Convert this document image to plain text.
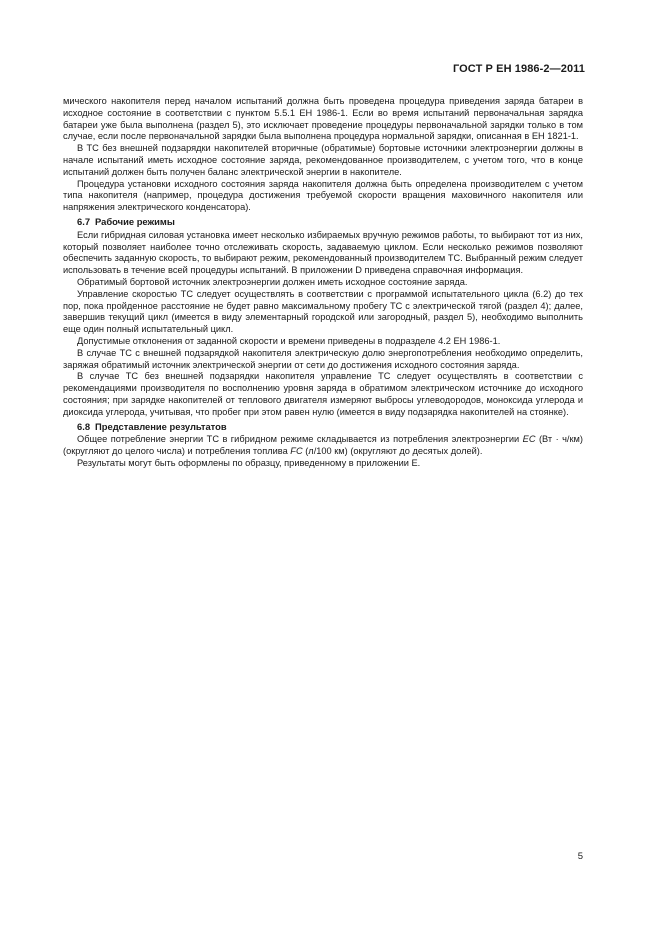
ГОСТ Р ЕН 1986-2—2011

мического накопителя перед началом испытаний должна быть проведена процедура приведения заряда батареи в исходное состояние в соответствии с пунктом 5.5.1 ЕН 1986-1. Если во время испытаний первоначальная зарядка батареи уже была выполнена (раздел 5), это исключает проведение процедуры первоначальной зарядки только в том случае, если после первоначальной зарядки была выполнена процедура нормальной зарядки, описанная в ЕН 1821-1.

В ТС без внешней подзарядки накопителей вторичные (обратимые) бортовые источники электроэнергии должны в начале испытаний иметь исходное состояние заряда, рекомендованное производителем, с учетом того, что в конце испытаний должен быть получен баланс электрической энергии в накопителе.

Процедура установки исходного состояния заряда накопителя должна быть определена производителем с учетом типа накопителя (например, процедура достижения требуемой скорости вращения маховичного накопителя или напряжения электрического конденсатора).

6.7 Рабочие режимы

Если гибридная силовая установка имеет несколько избираемых вручную режимов работы, то выбирают тот из них, который позволяет наиболее точно отслеживать скорость, задаваемую циклом. Если несколько режимов позволяют обеспечить заданную скорость, то выбирают режим, рекомендованный производителем ТС. Выбранный режим следует использовать в течение всей процедуры испытаний. В приложении D приведена справочная информация.

Обратимый бортовой источник электроэнергии должен иметь исходное состояние заряда.

Управление скоростью ТС следует осуществлять в соответствии с программой испытательного цикла (6.2) до тех пор, пока пройденное расстояние не будет равно максимальному пробегу ТС с электрической тягой (раздел 4); далее, завершив текущий цикл (имеется в виду элементарный городской или загородный, раздел 5), необходимо выполнить еще один полный испытательный цикл.

Допустимые отклонения от заданной скорости и времени приведены в подразделе 4.2 ЕН 1986-1.

В случае ТС с внешней подзарядкой накопителя электрическую долю энергопотребления необходимо определить, заряжая обратимый источник электрической энергии от сети до достижения исходного состояния заряда.

В случае ТС без внешней подзарядки накопителя управление ТС следует осуществлять в соответствии с рекомендациями производителя по восполнению уровня заряда в обратимом электрическом источнике до исходного состояния; при зарядке накопителей от теплового двигателя измеряют выбросы углеводородов, моноксида углерода и диоксида углерода, учитывая, что пробег при этом равен нулю (имеется в виду подзарядка накопителей на стоянке).

6.8 Представление результатов

Общее потребление энергии ТС в гибридном режиме складывается из потребления электроэнергии EC (Вт · ч/км) (округляют до целого числа) и потребления топлива FC (л/100 км) (округляют до десятых долей).

Результаты могут быть оформлены по образцу, приведенному в приложении Е.

5
